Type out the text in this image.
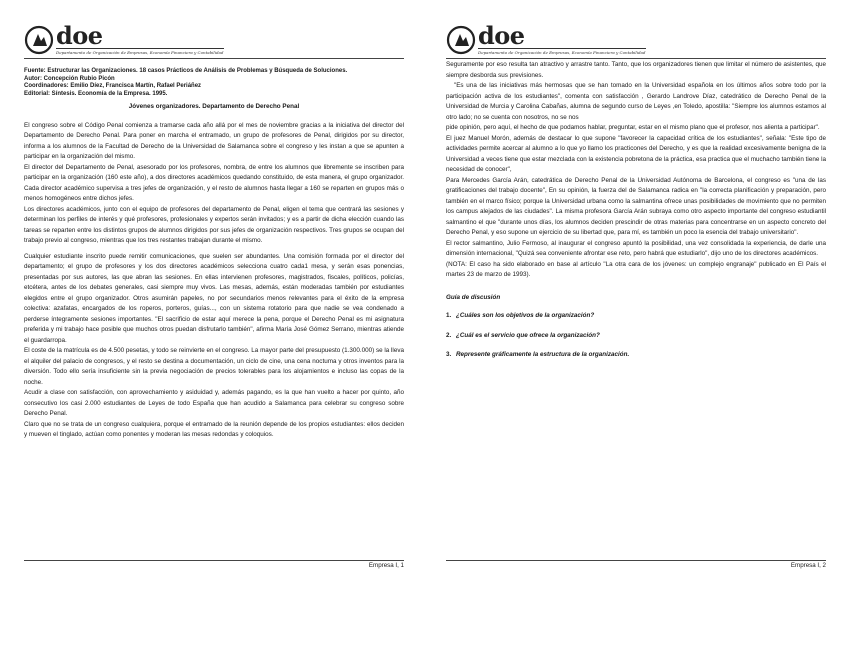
doe
Departamento de Organización de Empresas, Economía Financiera y Contabilidad

Fuente: Estructurar las Organizaciones. 18 casos Prácticos de Análisis de Problemas y Búsqueda de Soluciones.

Autor: Concepción Rubio Picón

Coordinadores: Emilio Díez, Francisca Martín, Rafael Periáñez

Editorial: Síntesis. Economía de la Empresa. 1995.

Jóvenes organizadores. Departamento de Derecho Penal

El congreso sobre el Código Penal comienza a tramarse cada año allá por el mes de noviembre gracias a la iniciativa del director del Departamento de Derecho Penal. Para poner en marcha el entramado, un grupo de profesores de Penal, dirigidos por su director, informa a los alumnos de la Facultad de Derecho de la Universidad de Salamanca sobre el congreso y les instan a que se apunten a participar en la organización del mismo.

El director del Departamento de Penal, asesorado por los profesores, nombra, de entre los alumnos que libremente se inscriben para participar en la organización (160 este año), a dos directores académicos quedando constituido, de esta manera, el grupo organizador. Cada director académico supervisa a tres jefes de organización, y el resto de alumnos hasta llegar a 160 se reparten en grupos más o menos homogéneos entre dichos jefes.

Los directores académicos, junto con el equipo de profesores del departamento de Penal, eligen el tema que centrará las sesiones y determinan los perfiles de interés y qué profesores, profesionales y expertos serán invitados; y es a partir de dicha elección cuando las tareas se reparten entre los distintos grupos de alumnos dirigidos por sus jefes de organización respectivos. Tres grupos se ocupan del trabajo previo al congreso, mientras que los tres restantes trabajan durante el mismo.

Cualquier estudiante inscrito puede remitir comunicaciones, que suelen ser abundantes. Una comisión formada por el director del departamento; el grupo de profesores y los dos directores académicos selecciona cuatro cada1 mesa, y serán esas ponencias, presentadas por sus autores, las que abran las sesiones. En ellas intervienen profesores, magistrados, fiscales, políticos, policías, etcétera, antes de los debates generales, casi siempre muy vivos. Las mesas, además, están moderadas también por estudiantes elegidos entre el grupo organizador. Otros asumirán papeles, no por secundarios menos relevantes para el éxito de la empresa colectiva: azafatas, encargados de los roperos, porteros, guías..., con un sistema rotatorio para que nadie se vea condenado a perderse íntegramente sesiones importantes. "El sacrificio de estar aquí merece la pena, porque el Derecho Penal es mi asignatura preferida y mi trabajo hace posible que muchos otros puedan disfrutarlo también", afirma María José Gómez Serrano, mientras atiende el guardarropa.

El coste de la matrícula es de 4.500 pesetas, y todo se reinvierte en el congreso. La mayor parte del presupuesto (1.300.000) se la lleva el alquiler del palacio de congresos, y el resto se destina a documentación, un ciclo de cine, una cena noctuma y otros inventos para la diversión. Todo ello sería insuficiente sin la previa negociación de precios tolerables para los alojamientos e incluso las copas de la noche.

Acudir a clase con satisfacción, con aprovechamiento y asiduidad y, además pagando, es la que han vuelto a hacer por quinto, año consecutivo los casi 2.000 estudiantes de Leyes de todo España que han acudido a Salamanca para celebrar su congreso sobre Derecho Penal.

Claro que no se trata de un congreso cualquiera, porque el entramado de la reunión depende de los propios estudiantes: ellos deciden y mueven el tinglado, actúan como ponentes y moderan las mesas redondas y coloquios.

Empresa I, 1
doe
Departamento de Organización de Empresas, Economía Financiera y Contabilidad

Seguramente por eso resulta tan atractivo y arrastre tanto. Tanto, que los organizadores tienen que limitar el número de asistentes, que siempre desborda sus previsiones.

"Es una de las iniciativas más hermosas que se han tomado en la Universidad española en los últimos años sobre todo por la participación activa de los estudiantes", comenta con satisfacción , Gerardo Landrove Díaz, catedrático de Derecho Penal de la Universidad de Murcia y Carolina Cabañas, alumna de segundo curso de Leyes ,en Toledo, apostilla: "Siempre los alumnos estamos al otro lado; no se cuenta con nosotros, no se nos

pide opinión, pero aquí, el hecho de que podamos hablar, preguntar, estar en el mismo plano que el profesor, nos alienta a participar".

El juez Manuel Morón, además de destacar lo que supone "favorecer la capacidad crítica de los estudiantes", señala: "Este tipo de actividades permite acercar al alumno a lo que yo llamo los practicones del Derecho, y es que la realidad excesivamente benigna de la Universidad a veces tiene que estar mezclada con la existencia pobretona de la práctica, esa practica que el muchacho también tiene la necesidad de conocer",

Para Mercedes García Arán, catedrática de Derecho Penal de la Universidad Autónoma de Barcelona, el congreso es "una de las gratificaciones del trabajo docente", En su opinión, la fuerza del de Salamanca radica en "la correcta planificación y preparación, pero también en el marco físico; porque la Universidad urbana como la salmantina ofrece unas posibilidades de movimiento que no permiten los campus alejados de las ciudades". La misma profesora García Arán subraya como otro aspecto importante del congreso estudiantil salmantino el que "durante unos días, los alumnos deciden prescindir de otras materias para concentrarse en un aspecto concreto del Derecho Penal, y eso supone un ejercicio de su libertad que, para mí, es también un poco la esencia del trabajo universitario".

El rector salmantino, Julio Fermoso, al inaugurar el congreso apuntó la posibilidad, una vez consolidada la experiencia, de darle una dimensión internacional, "Quizá sea conveniente afrontar ese reto, pero habrá que estudiarlo", dijo uno de los directores académicos.

(NOTA: El caso ha sido elaborado en base al artículo "La otra cara de los jóvenes: un complejo engranaje" publicado en El País el martes 23 de marzo de 1993).

Guía de discusión

1. ¿Cuáles son los objetivos de la organización?

2. ¿Cuál es el servicio que ofrece la organización?

3. Represente gráficamente la estructura de la organización.

Empresa I, 2
